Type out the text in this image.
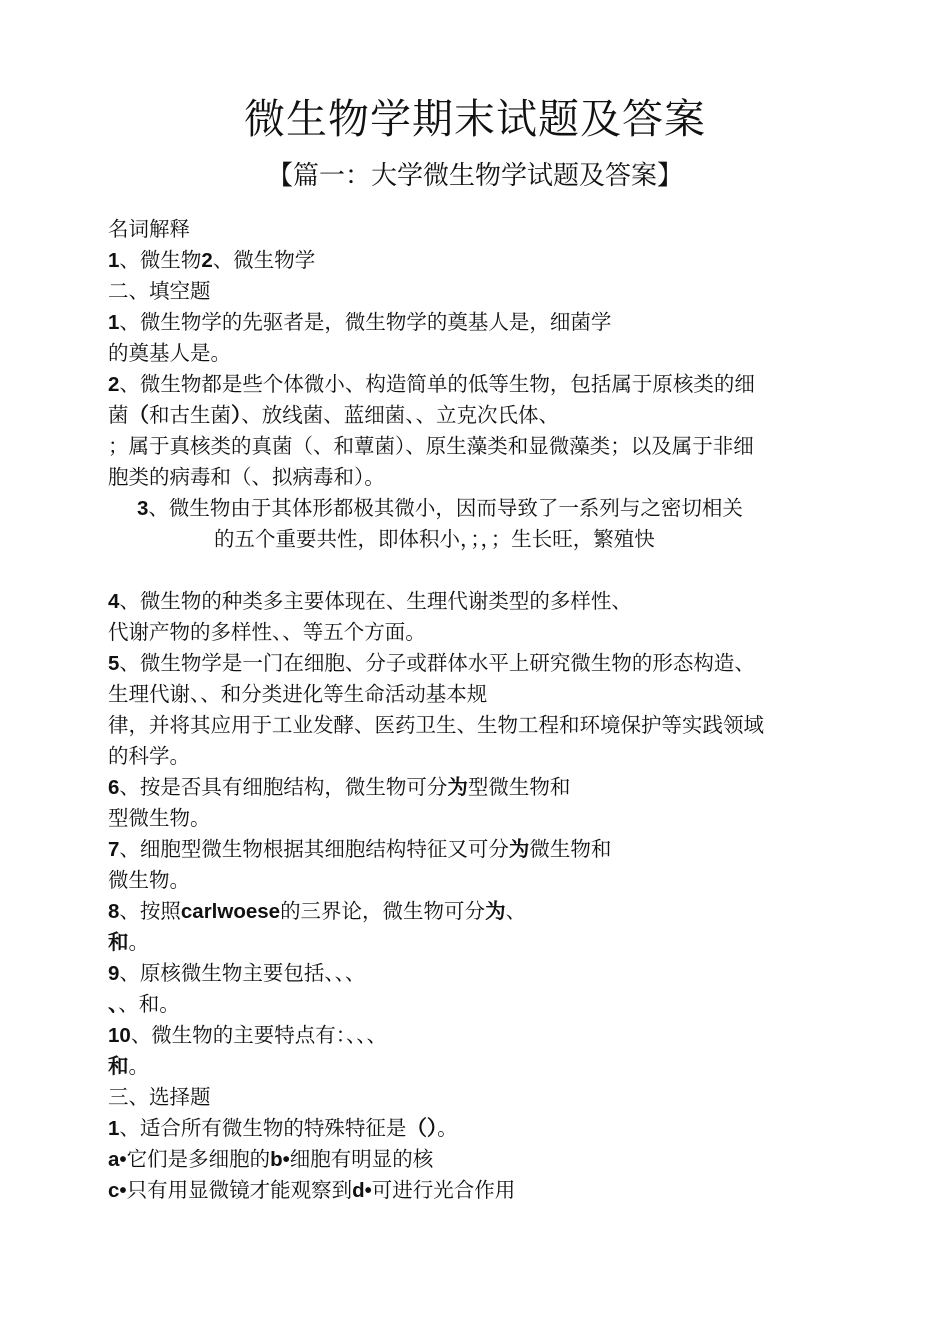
微生物学期末试题及答案
【篇一：大学微生物学试题及答案】
名词解释
1、微生物2、微生物学
二、填空题
1、微生物学的先驱者是，微生物学的奠基人是，细菌学
的奠基人是。
2、微生物都是些个体微小、构造简单的低等生物，包括属于原核类的细
菌（和古生菌）、放线菌、蓝细菌、、立克次氏体、
；属于真核类的真菌（、和蕈菌）、原生藻类和显微藻类；以及属于非细
胞类的病毒和（、拟病毒和）。
3、微生物由于其体形都极其微小，因而导致了一系列与之密切相关
的五个重要共性，即体积小，；，；生长旺，繁殖快
4、微生物的种类多主要体现在、生理代谢类型的多样性、
代谢产物的多样性、、等五个方面。
5、微生物学是一门在细胞、分子或群体水平上研究微生物的形态构造、
生理代谢、、和分类进化等生命活动基本规
律，并将其应用于工业发酵、医药卫生、生物工程和环境保护等实践领域
的科学。
6、按是否具有细胞结构，微生物可分为型微生物和
型微生物。
7、细胞型微生物根据其细胞结构特征又可分为微生物和
微生物。
8、按照carlwoese的三界论，微生物可分为、
和。
9、原核微生物主要包括、、、
、、和。
10、微生物的主要特点有：、、、
和。
三、选择题
1、适合所有微生物的特殊特征是（）。
a•它们是多细胞的b•细胞有明显的核
c•只有用显微镜才能观察到d•可进行光合作用
